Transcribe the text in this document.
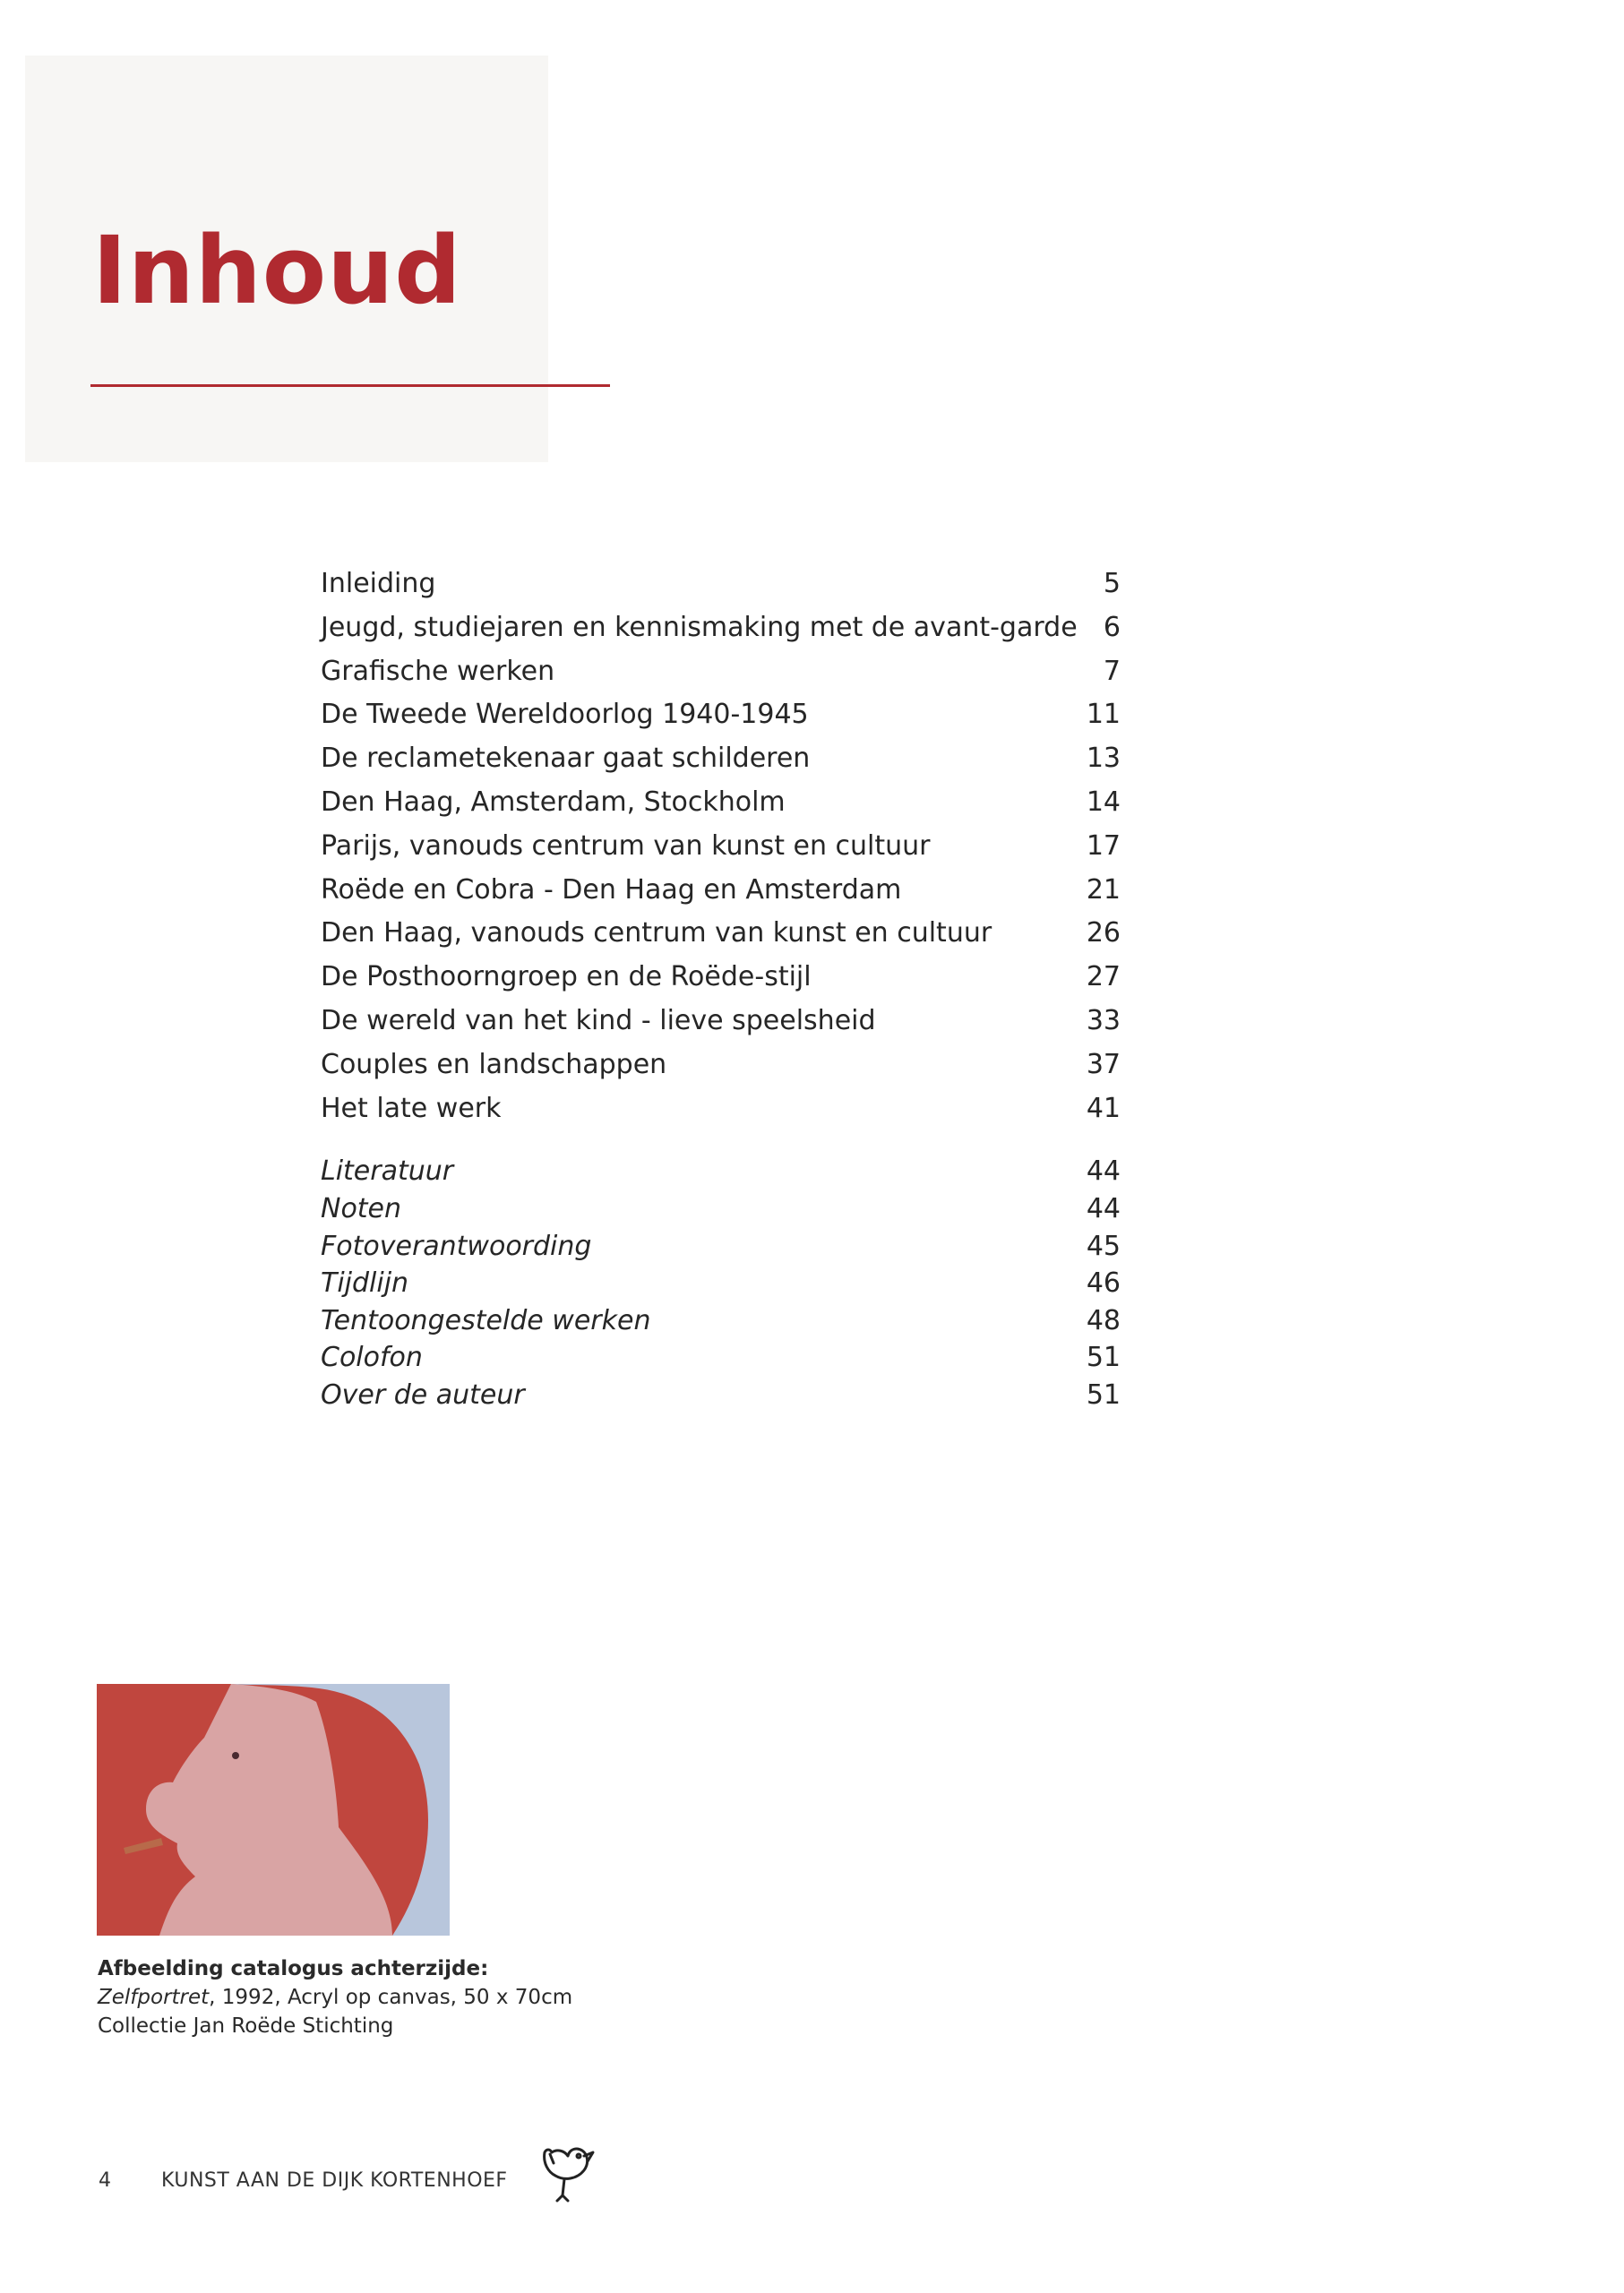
Inhoud
Inleiding	5
Jeugd, studiejaren en kennismaking met de avant-garde 6
Grafische werken	7
De Tweede Wereldoorlog 1940-1945	11
De reclametekenaar gaat schilderen	13
Den Haag, Amsterdam, Stockholm	14
Parijs, vanouds centrum van kunst en cultuur	17
Roëde en Cobra - Den Haag en Amsterdam	21
Den Haag, vanouds centrum van kunst en cultuur	26
De Posthoorngroep en de Roëde-stijl	27
De wereld van het kind - lieve speelsheid	33
Couples en landschappen	37
Het late werk	41
Literatuur	44
Noten	44
Fotoverantwoording	45
Tijdlijn	46
Tentoongestelde werken	48
Colofon	51
Over de auteur	51
Afbeelding catalogus achterzijde:
Zelfportret, 1992, Acryl op canvas, 50 x 70cm
Collectie Jan Roëde Stichting
4	KUNST AAN DE DIJK KORTENHOEF
